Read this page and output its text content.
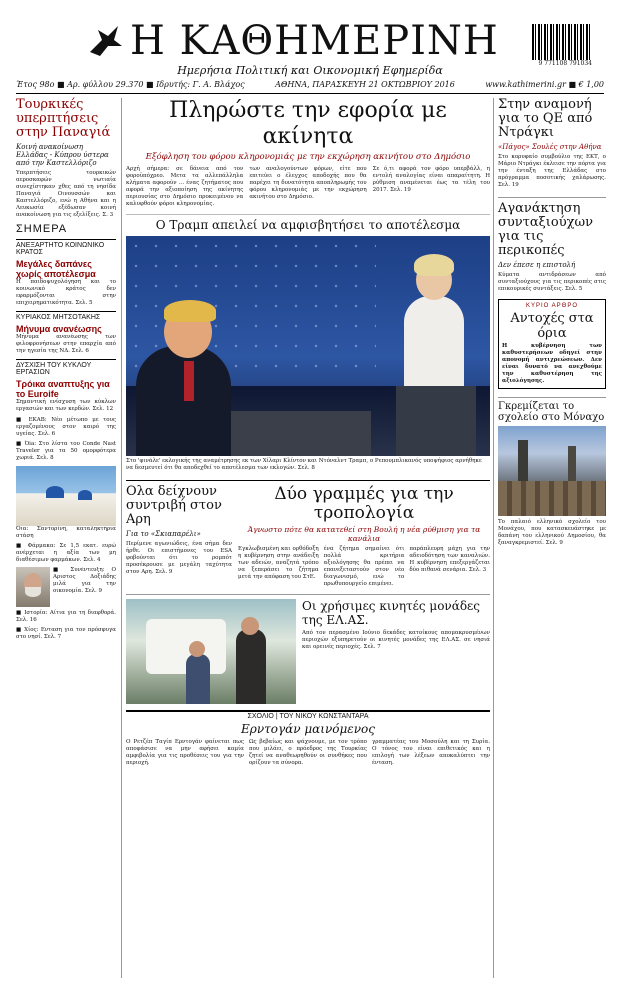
Η ΚΑΘΗΜΕΡΙΝΗ
Ημερήσια Πολιτική και Οικονομική Εφημερίδα
9 771108 791034
Έτος 98ο ■ Αρ. φύλλου 29.370 ■ Ιδρυτής: Γ. Α. Βλάχος	ΑΘΗΝΑ, ΠΑΡΑΣΚΕΥΗ 21 ΟΚΤΩΒΡΙΟΥ 2016	www.kathimerini.gr ■ € 1,00
Τουρκικές υπερπτήσεις στην Παναγιά
Κοινή ανακοίνωση Ελλάδας - Κύπρου ύστερα από την Καστελλόριζο
Υπερπτήσεις τουρκικών αεροσκαφών νωτιαία συνεχίστηκαν χθες από τη νησίδα Παναγιά Οινουσσών και Καστελλόριζο, ενώ η Αθήνα και η Λευκωσία εξέδωσαν κοινή ανακοίνωση για τις εξελίξεις. Σ. 3
ΣΗΜΕΡΑ
ΑΝΕΞΑΡΤΗΤΟ ΚΟΙΝΩΝΙΚΟ ΚΡΑΤΟΣ
Μεγάλες δαπάνες χωρίς αποτέλεσμα
Η παιδοψυχολόγηση και το κοινωνικό κράτος δεν εφαρμόζονται στην επιχειρηματικότητα. Σελ. 5
ΚΥΡΙΑΚΟΣ ΜΗΤΣΟΤΑΚΗΣ
Μήνυμα ανανέωσης
Μήνυμα ανανέωσης των φιλοφρονήσεων στην επαρχία από την ηγεσία της ΝΔ. Σελ. 6
ΔΥΣΧΙΣΗ ΤΟΥ ΚΥΚΛΟΥ ΕΡΓΑΣΙΩΝ
Τρόικα αναπτυξης για το Euroife
Σημαντική ενίσχυση των κύκλων εργασιών και των κερδών. Σελ. 12
■ ΕΚΑΒ: Νέο μέτωπο με τους εργαζομένους στον καιρό της υγείας. Σελ. 6
■ Όia: Στο λίστα του Conde Nast Traveler για τα 50 ομορφότερα χωριά. Σελ. 8
Όια: Σαντορίνη, καταληκτήρια στάση
■ Φάρμακα: Σε 1,5 εκατ. ευρώ ανέρχεται η αξία των μη διαθέσιμων φαρμάκων. Σελ. 4
■ Συνέντευξη: Ο Αριστος Δοξιάδης μιλά για την οικονομία. Σελ. 9
■ Ιστορία: Αίτια για τη διαφθορά. Σελ. 16
■ Χίος: Ενταση για τον πρόσφυγα στο νησί. Σελ. 7
Πληρώστε την εφορία με ακίνητα
Εξόφληση του φόρου κληρονομιάς με την εκχώρηση ακινήτου στο Δημόσιο
Αρχή σήμερα: σε δάνεια από τον φοροϋπόχρεο. Μετα τα αλλεπάλληλα κλήματα αφορούν ... ένας ζητήματος που αφορά την αξιοποίηση της ακίνητης περιουσίας στο Δημόσιο προκειμένου να καλυφθούν φόροι κληρονομίας.
των αναλογούντων φόρων, είτε που επιτεύει ο έλεγχος αποδοχής που θα παρέχει τη δυνατότητα αποπληρωμής του φόρου κληρονομιάς με την εκχώρηση ακινήτου στο Δημόσιο.
Σε ό,τι αφορά τον φόρο υπερβάλλ, η εντολή αναλογίας είναι απαραίτητη. Η ρύθμιση αναμένεται έως τα τέλη του 2017. Σελ. 19
Ο Τραμπ απειλεί να αμφισβητήσει το αποτέλεσμα
Στο 'φινάλε' εκλογικής της αναμέτρησης εκ των Χίλαρι Κλίντον και Ντόναλντ Τραμπ, ο Ρεπουμπλικανός υποψήφιος αρνήθηκε να δεσμευτεί ότι θα αποδεχθεί το αποτέλεσμα των εκλογών. Σελ. 8
Ολα δείχνουν συντριβή στον Αρη
Για το «Σκιαπαρέλι»
Περίμενε αγωνιώδεις, ένα σήμα δεν ήρθε. Οι επιστήμονες του ESA φοβούνται ότι το ρομπότ προσέκρουσε με μεγάλη ταχύτητα στον Αρη. Σελ. 9
Δύο γραμμές για την τροπολογία
Άγνωστο πότε θα κατατεθεί στη Βουλή η νέα ρύθμιση για τα κανάλια
Εγκλωβισμένη και ορθόδοξη η κυβέρνηση στην ανάδειξη των αδειών, αναζητά τρόπο να ξεπεράσει το ζήτημα μετά την απόφαση του ΣτΕ.
ένα ζήτημα σημαίνει ότι πολλά κριτήρια αξιολόγησης θα πρέπει να επανεξεταστούν στον νέο διαγωνισμό, ενώ το πρωθυπουργείο επιμένει.
παράπλευρη μάχη για την αδειοδότηση των καναλιών. Η κυβέρνηση επεξεργάζεται δύο πιθανά σενάρια. Σελ. 3
Οι χρήσιμες κινητές μονάδες της ΕΛ.ΑΣ.
Από τον περασμένο Ιούνιο δεκάδες κατοίκους απομακρυσμένων περιοχών εξυπηρετούν οι κινητές μονάδες της ΕΛ.ΑΣ. σε νησιά και ορεινές περιοχές. Σελ. 7
ΣΧΟΛΙΟ | ΤΟΥ ΝΙΚΟΥ ΚΩΝΣΤΑΝΤΑΡΑ
Ερντογάν μαινόμενος
Ο Ρετζέπ Ταγίπ Ερντογάν φαίνεται πως αποφάσισε να μην αφήσει καμία αμφιβολία για τις προθέσεις του για την περιοχή.
Ως βεβαίως και ψάχνουμε, με τον τρόπο που μιλάει, ο πρόεδρος της Τουρκίας ζητεί να αναθεωρηθούν οι συνθήκες που ορίζουν τα σύνορα.
γραμματέας του Μοσούλη και τη Συρία. Ο τόνος του είναι επιθετικός και η επιλογή των λέξεων αποκαλύπτει την ένταση.
Στην αναμονή για το QE από Ντράγκι
«Πάγος» Σουλές στην Αθήνα
Στο κορυφαίο συμβούλιο της ΕΚΤ, ο Μάριο Ντράγκι έκλεισε την πόρτα για την ένταξη της Ελλάδας στο πρόγραμμα ποσοτικής χαλάρωσης. Σελ. 19
Αγανάκτηση συνταξιούχων για τις περικοπές
Δεν έπεσε η επιστολή
Κύματα αντιδράσεων από συνταξιούχους για τις περικοπές στις επικουρικές συντάξεις. Σελ. 5
ΚΥΡΙΟ ΑΡΘΡΟ
Αντοχές στα όρια
Η κυβέρνηση των καθυστερήσεων οδηγεί στην απονομή αντιχρεώσεων. Δεν είναι δυνατό να ανεχθούμε την καθυστέρηση της αξιολόγησης.
Γκρεμίζεται το σχολείο στο Μόναχο
Το παλαιό ελληνικό σχολείο του Μονάχου, που κατασκευάστηκε με δαπάνη του ελληνικού Δημοσίου, θα ξαναγκρεμιστεί. Σελ. 9
